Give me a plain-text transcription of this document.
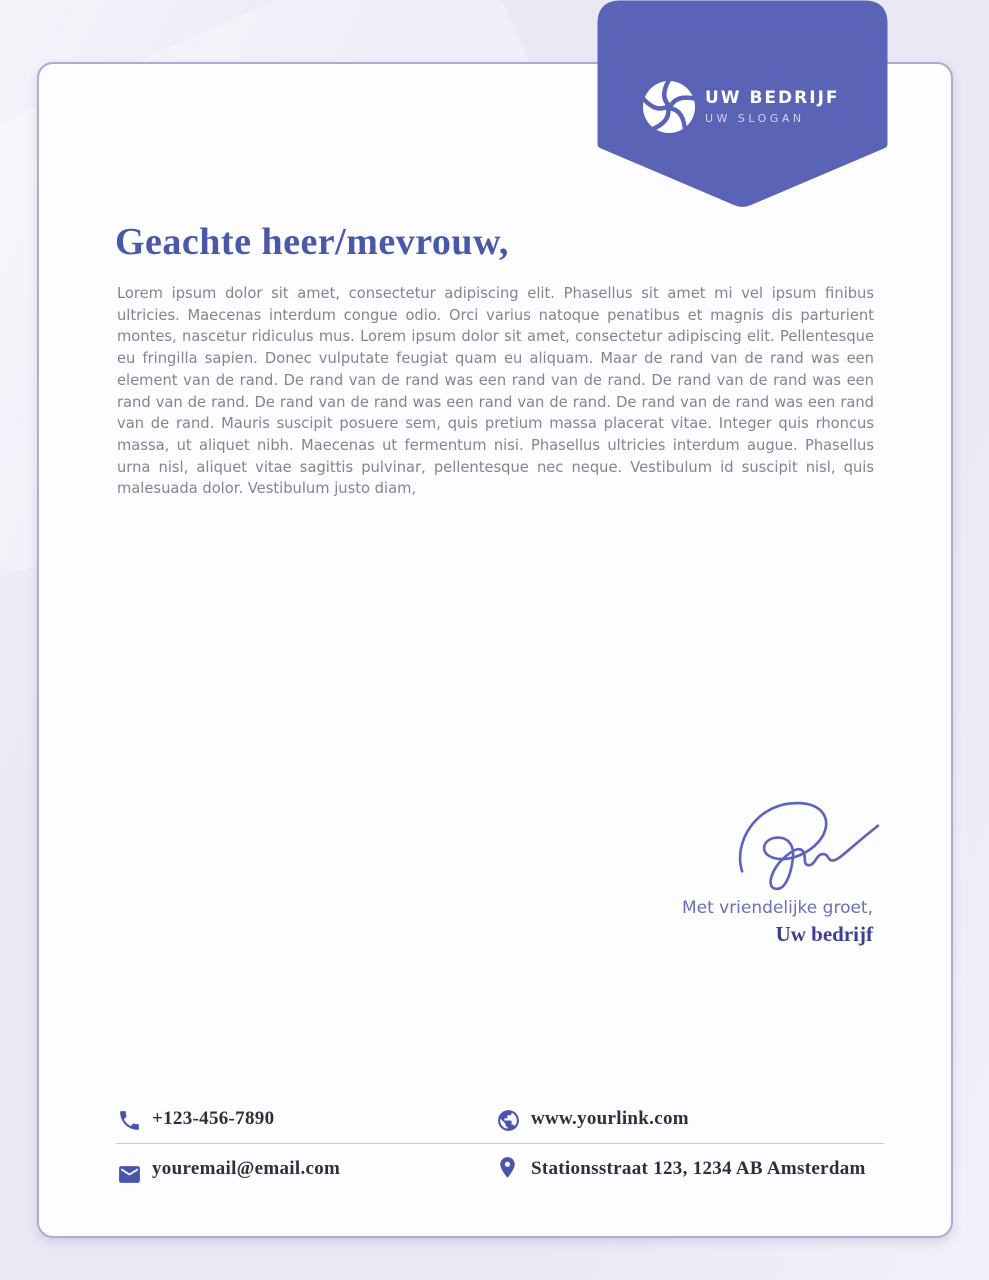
UW BEDRIJF
UW SLOGAN
Geachte heer/mevrouw,
Lorem ipsum dolor sit amet, consectetur adipiscing elit. Phasellus sit amet mi vel ipsum finibus ultricies. Maecenas interdum congue odio. Orci varius natoque penatibus et magnis dis parturient montes, nascetur ridiculus mus. Lorem ipsum dolor sit amet, consectetur adipiscing elit. Pellentesque eu fringilla sapien. Donec vulputate feugiat quam eu aliquam. Maar de rand van de rand was een element van de rand. De rand van de rand was een rand van de rand. De rand van de rand was een rand van de rand. De rand van de rand was een rand van de rand. De rand van de rand was een rand van de rand. Mauris suscipit posuere sem, quis pretium massa placerat vitae. Integer quis rhoncus massa, ut aliquet nibh. Maecenas ut fermentum nisi. Phasellus ultricies interdum augue. Phasellus urna nisl, aliquet vitae sagittis pulvinar, pellentesque nec neque. Vestibulum id suscipit nisl, quis malesuada dolor. Vestibulum justo diam,
Met vriendelijke groet,
Uw bedrijf
+123-456-7890	www.yourlink.com
youremail@email.com	Stationsstraat 123, 1234 AB Amsterdam
